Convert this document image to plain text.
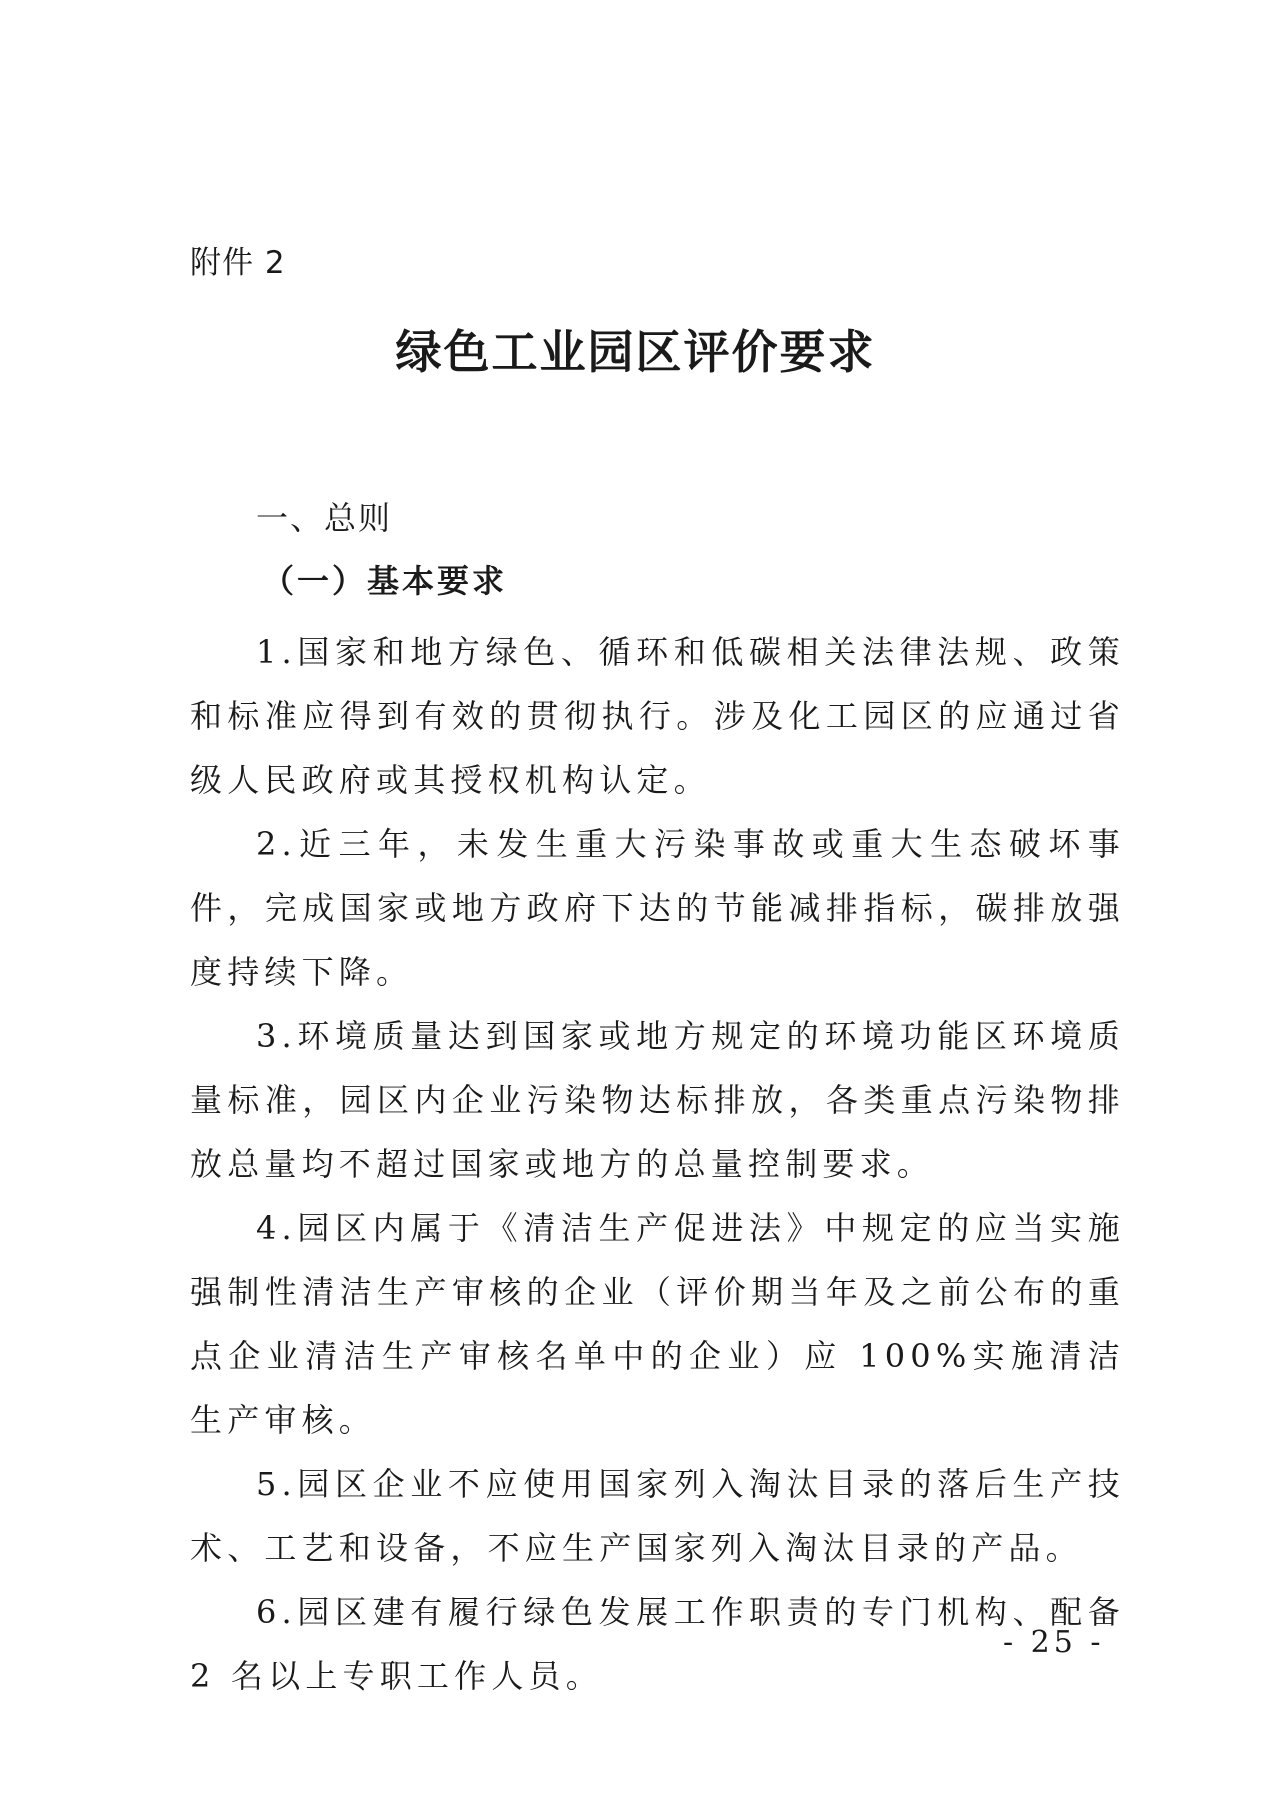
附件 2
绿色工业园区评价要求
一、总则
（一）基本要求

1.国家和地方绿色、循环和低碳相关法律法规、政策和标准应得到有效的贯彻执行。涉及化工园区的应通过省级人民政府或其授权机构认定。

2.近三年，未发生重大污染事故或重大生态破坏事件，完成国家或地方政府下达的节能减排指标，碳排放强度持续下降。

3.环境质量达到国家或地方规定的环境功能区环境质量标准，园区内企业污染物达标排放，各类重点污染物排放总量均不超过国家或地方的总量控制要求。

4.园区内属于《清洁生产促进法》中规定的应当实施强制性清洁生产审核的企业（评价期当年及之前公布的重点企业清洁生产审核名单中的企业）应 100%实施清洁生产审核。

5.园区企业不应使用国家列入淘汰目录的落后生产技术、工艺和设备，不应生产国家列入淘汰目录的产品。

6.园区建有履行绿色发展工作职责的专门机构、配备 2 名以上专职工作人员。

- 25 -
